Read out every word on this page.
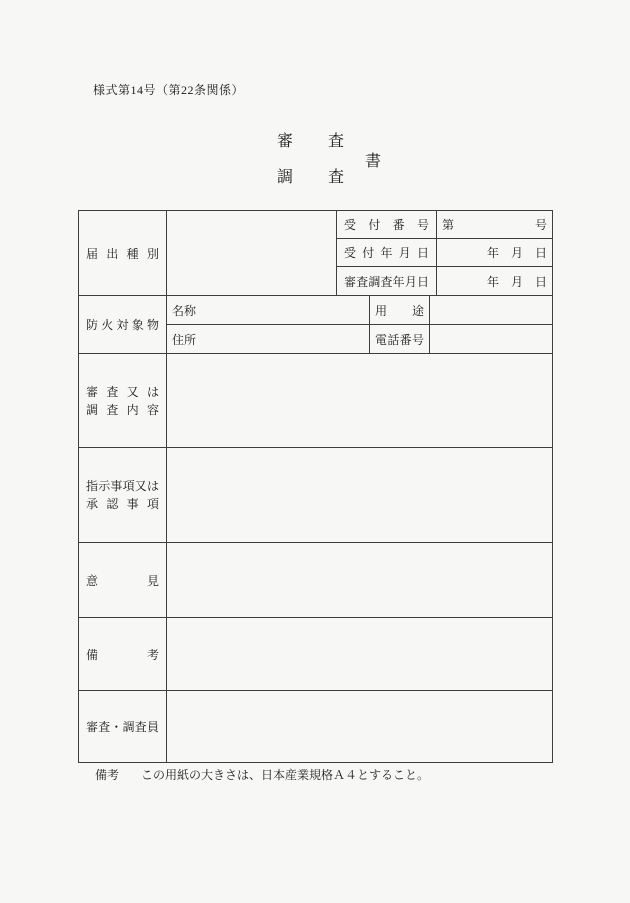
様式第14号（第22条関係）
審　査
書
調　査
届 出 種 別		受 付 番 号			第 号

		受 付 年 月 日			年　月　日
		審査調査年月日			年　月　日
防 火 対 象 物	名称		用　途		
	住所		電話番号		

審 査 又 は
調 査 内 容					

指示事項又は
承 認 事 項					

意　　見					
備　　考					
審査・調査員					
備考 この用紙の大きさは、日本産業規格Ａ４とすること。
